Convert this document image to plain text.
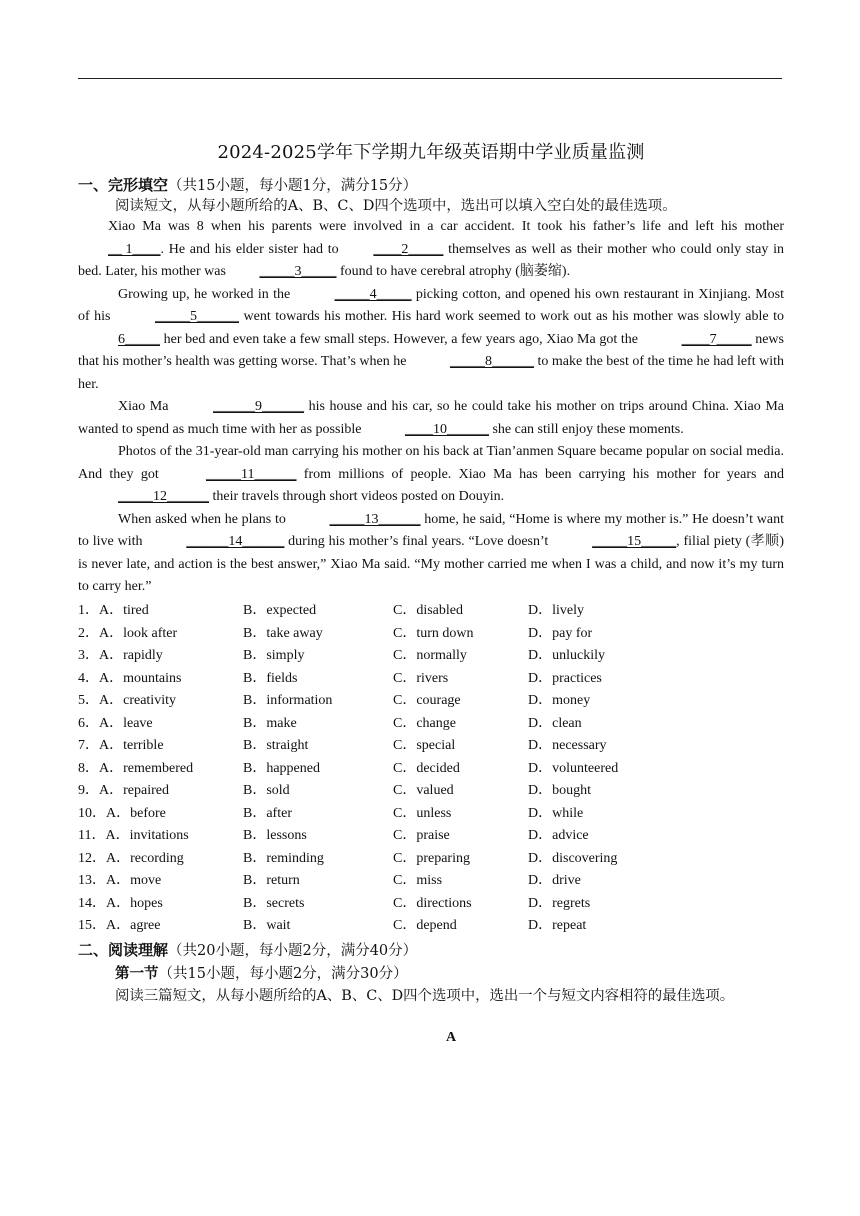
2024-2025学年下学期九年级英语期中学业质量监测
一、完形填空（共15小题，每小题1分，满分15分）
阅读短文，从每小题所给的A、B、C、D四个选项中，选出可以填入空白处的最佳选项。

Xiao Ma was 8 when his parents were involved in a car accident. It took his father’s life and left his mother __ 1____. He and his elder sister had to ____2_____ themselves as well as their mother who could only stay in bed. Later, his mother was _____3_____ found to have cerebral atrophy (脑萎缩).

Growing up, he worked in the	_____4_____ picking cotton, and opened his own restaurant in Xinjiang. Most of his	_____5______ went towards his mother. His hard work seemed to work out as his mother was slowly able to 6_____ her bed and even take a few small steps. However, a few years ago, Xiao Ma got the	____7_____ news that his mother’s health was getting worse. That’s when he	_____8______ to make the best of the time he had left with her.

Xiao Ma	______9______ his house and his car, so he could take his mother on trips around China. Xiao Ma wanted to spend as much time with her as possible	____10______ she can still enjoy these moments.

Photos of the 31-year-old man carrying his mother on his back at Tian’anmen Square became popular on social media. And they got	_____11______ from millions of people. Xiao Ma has been carrying his mother for years and _____12______ their travels through short videos posted on Douyin.

When asked when he plans to	_____13______ home, he said, “Home is where my mother is.” He doesn’t want to live with	______14______ during his mother’s final years. “Love doesn’t	_____15_____, filial piety (孝顺) is never late, and action is the best answer,” Xiao Ma said. “My mother carried me when I was a child, and now it’s my turn to carry her.”

1．A．tired	B．expected	C．disabled	D．lively
2．A．look after	B．take away	C．turn down	D．pay for
3．A．rapidly	B．simply	C．normally	D．unluckily
4．A．mountains	B．fields	C．rivers	D．practices
5．A．creativity	B．information	C．courage	D．money
6．A．leave	B．make	C．change	D．clean
7．A．terrible	B．straight	C．special	D．necessary
8．A．remembered	B．happened	C．decided	D．volunteered
9．A．repaired	B．sold	C．valued	D．bought
10．A．before	B．after	C．unless	D．while
11．A．invitations	B．lessons	C．praise	D．advice
12．A．recording	B．reminding	C．preparing	D．discovering
13．A．move	B．return	C．miss	D．drive
14．A．hopes	B．secrets	C．directions	D．regrets
15．A．agree	B．wait	C．depend	D．repeat
二、阅读理解（共20小题，每小题2分，满分40分）
第一节（共15小题，每小题2分，满分30分）
阅读三篇短文，从每小题所给的A、B、C、D四个选项中，选出一个与短文内容相符的最佳选项。
A
